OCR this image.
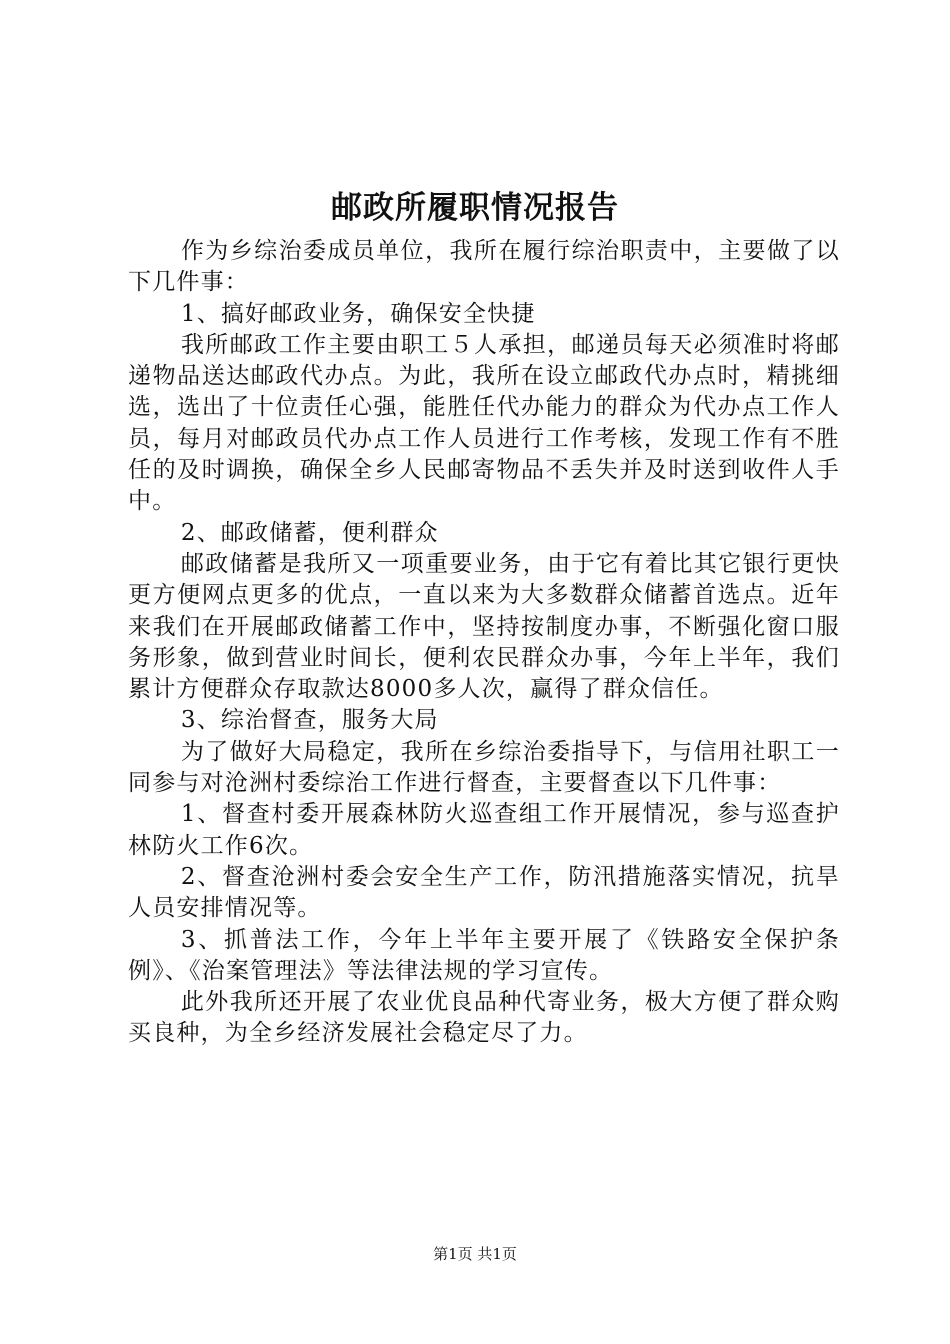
邮政所履职情况报告

作为乡综治委成员单位，我所在履行综治职责中，主要做了以下几件事：

1、搞好邮政业务，确保安全快捷

我所邮政工作主要由职工５人承担，邮递员每天必须准时将邮递物品送达邮政代办点。为此，我所在设立邮政代办点时，精挑细选，选出了十位责任心强，能胜任代办能力的群众为代办点工作人员，每月对邮政员代办点工作人员进行工作考核，发现工作有不胜任的及时调换，确保全乡人民邮寄物品不丢失并及时送到收件人手中。

2、邮政储蓄，便利群众

邮政储蓄是我所又一项重要业务，由于它有着比其它银行更快更方便网点更多的优点，一直以来为大多数群众储蓄首选点。近年来我们在开展邮政储蓄工作中，坚持按制度办事，不断强化窗口服务形象，做到营业时间长，便利农民群众办事，今年上半年，我们累计方便群众存取款达8000多人次，赢得了群众信任。

3、综治督查，服务大局

为了做好大局稳定，我所在乡综治委指导下，与信用社职工一同参与对沧洲村委综治工作进行督查，主要督查以下几件事：

1、督查村委开展森林防火巡查组工作开展情况，参与巡查护林防火工作6次。

2、督查沧洲村委会安全生产工作，防汛措施落实情况，抗旱人员安排情况等。

3、抓普法工作，今年上半年主要开展了《铁路安全保护条例》、《治案管理法》等法律法规的学习宣传。

此外我所还开展了农业优良品种代寄业务，极大方便了群众购买良种，为全乡经济发展社会稳定尽了力。

第1页 共1页
